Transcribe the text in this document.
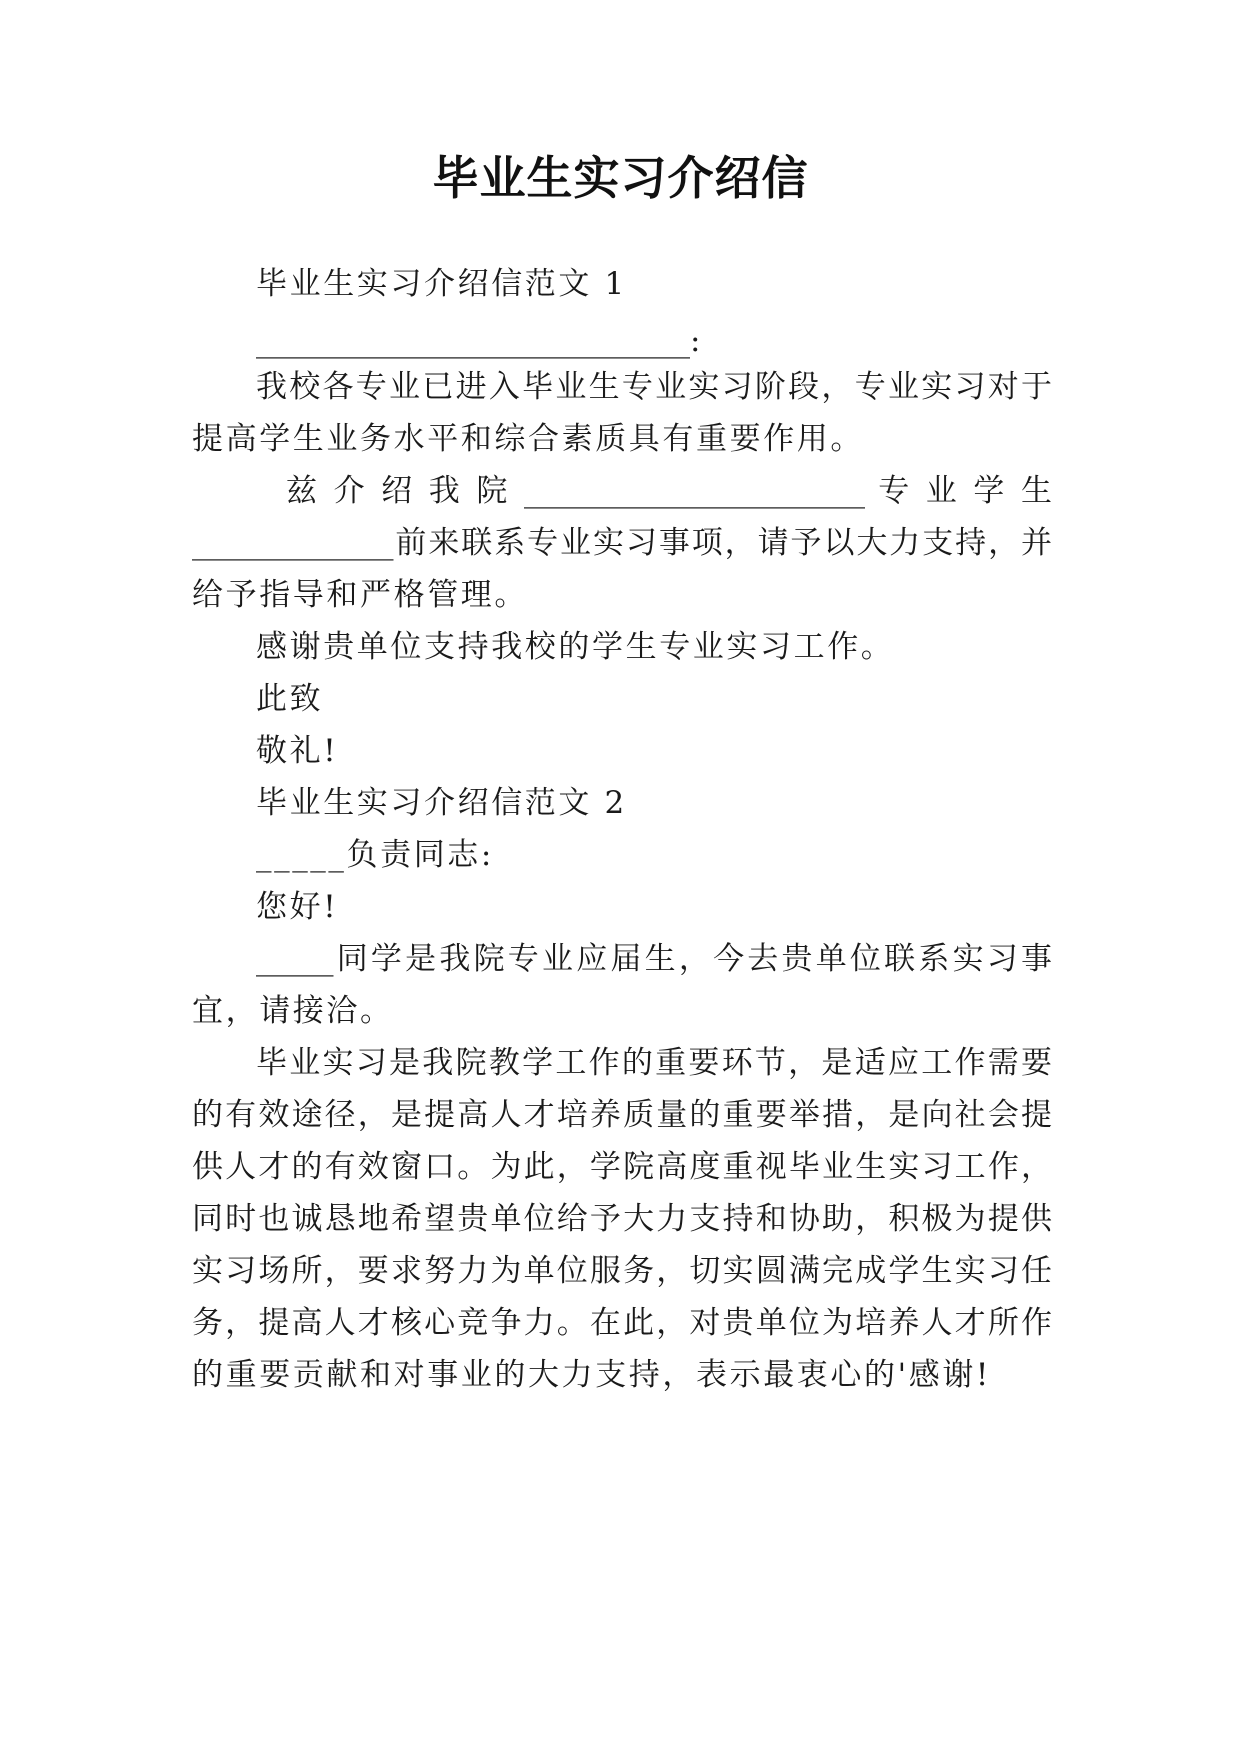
毕业生实习介绍信
毕业生实习介绍信范文 1
____________________________:
我校各专业已进入毕业生专业实习阶段，专业实习对于
提高学生业务水平和综合素质具有重要作用。
兹 介 绍 我 院 ______________________ 专 业 学 生
_____________前来联系专业实习事项，请予以大力支持，并
给予指导和严格管理。
感谢贵单位支持我校的学生专业实习工作。
此致
敬礼!
毕业生实习介绍信范文 2
_____负责同志:
您好!
_____同学是我院专业应届生，今去贵单位联系实习事
宜，请接洽。
毕业实习是我院教学工作的重要环节，是适应工作需要
的有效途径，是提高人才培养质量的重要举措，是向社会提
供人才的有效窗口。为此，学院高度重视毕业生实习工作，
同时也诚恳地希望贵单位给予大力支持和协助，积极为提供
实习场所，要求努力为单位服务，切实圆满完成学生实习任
务，提高人才核心竞争力。在此，对贵单位为培养人才所作
的重要贡献和对事业的大力支持，表示最衷心的'感谢!
